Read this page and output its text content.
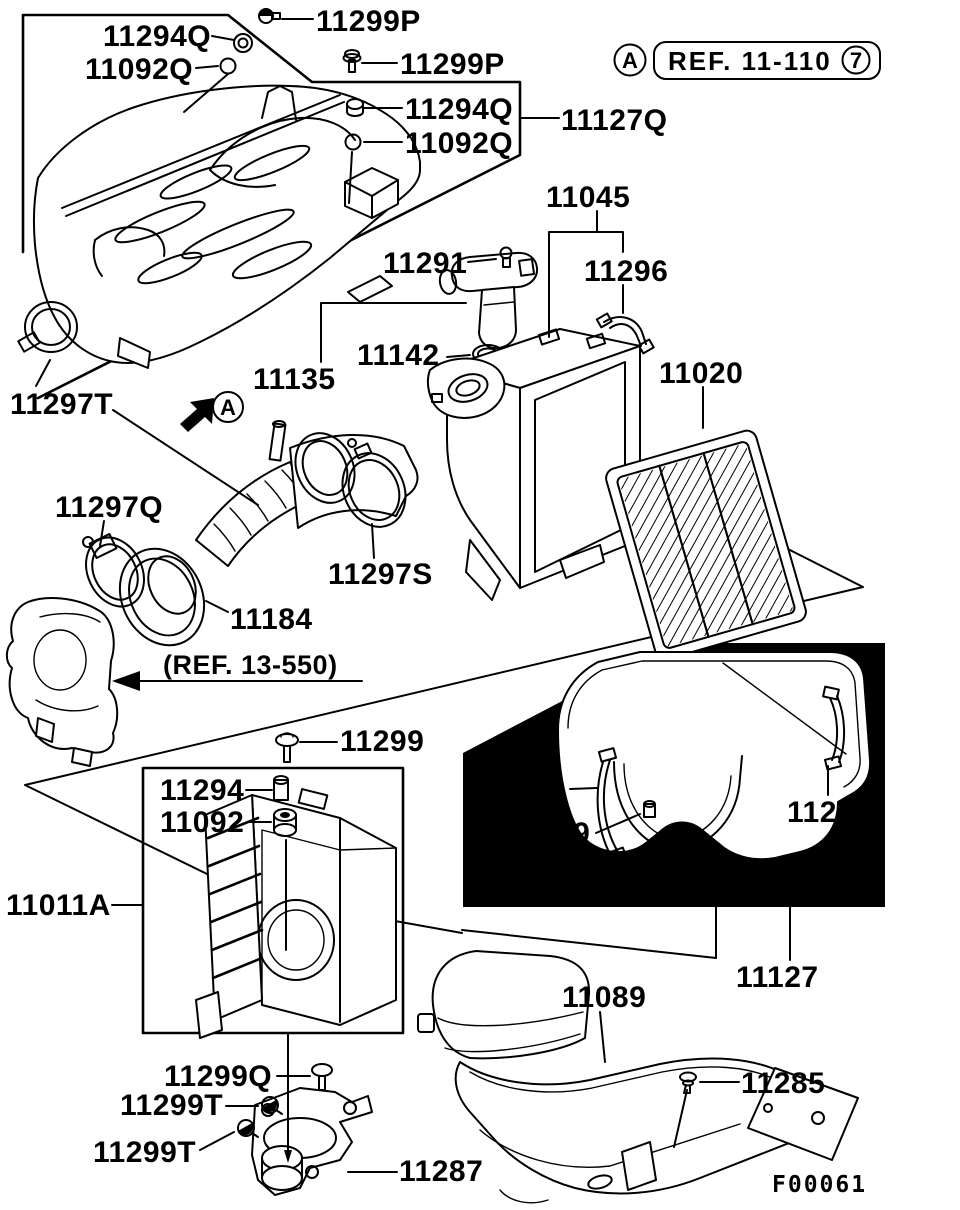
A
A REF. 11-110 7
F00061
11294Q
11092Q
11299P
11299P
11294Q
11092Q
11127Q
11045
11296
11291
11142
11135	11020
11297T
11297Q
11297S
11184
(REF. 13-550)
11299
11294
11092
11011A
11296
11269
11131
11296
11127
11089
11285
11299Q
11299T
11299T
11287
